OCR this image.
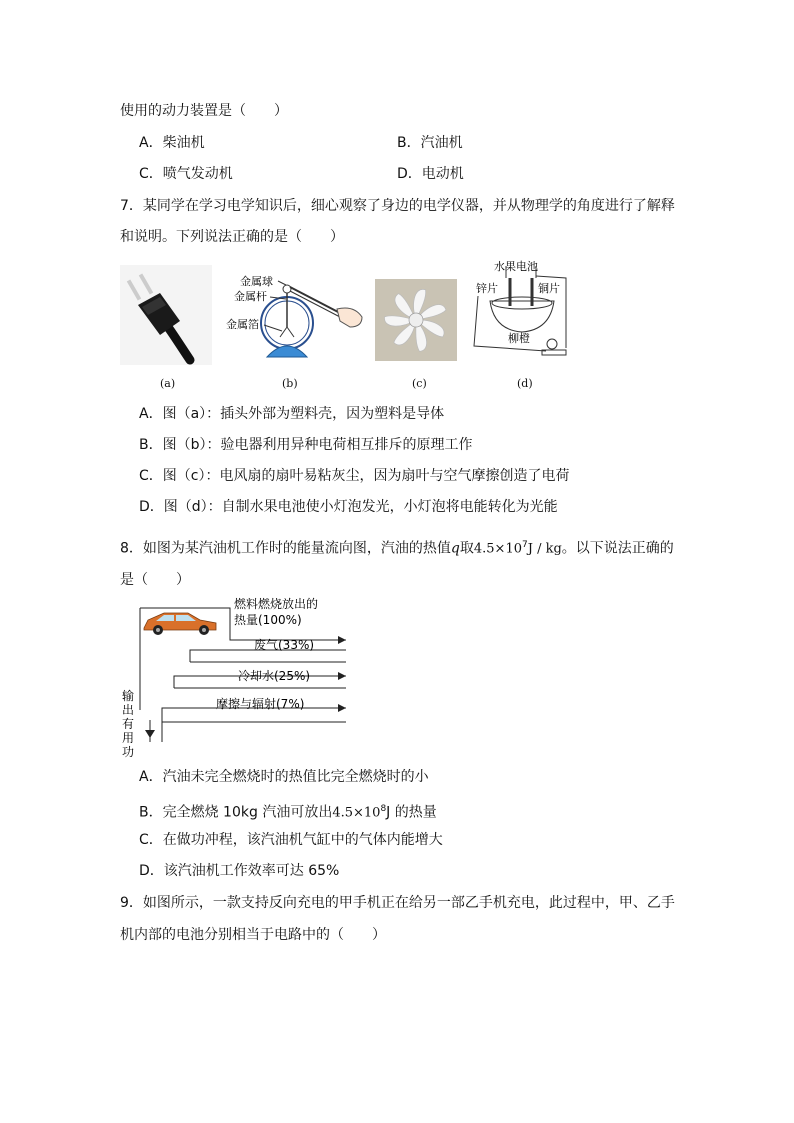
使用的动力装置是（　　）
A．柴油机	B．汽油机
C．喷气发动机	D．电动机
7．某同学在学习电学知识后，细心观察了身边的电学仪器，并从物理学的角度进行了解释
和说明。下列说法正确的是（　　）
金属球
金属杆
金属箔
水果电池
锌片	铜片
柳橙
(a)	(b)	(c)	(d)
A．图（a）：插头外部为塑料壳，因为塑料是导体
B．图（b）：验电器利用异种电荷相互排斥的原理工作
C．图（c）：电风扇的扇叶易粘灰尘，因为扇叶与空气摩擦创造了电荷
D．图（d）：自制水果电池使小灯泡发光，小灯泡将电能转化为光能
8．如图为某汽油机工作时的能量流向图，汽油的热值q取$4.5\times 10^7J$ / kg。以下说法正确的
是（　　）
燃料燃烧放出的
热量(100%)
废气(33%)
冷却水(25%)
摩擦与辐射(7%)
输
出
有
用
功
A．汽油未完全燃烧时的热值比完全燃烧时的小
B．完全燃烧 10kg 汽油可放出$4.5\times 10^8J$ 的热量
C．在做功冲程，该汽油机气缸中的气体内能增大
D．该汽油机工作效率可达 65%
9．如图所示，一款支持反向充电的甲手机正在给另一部乙手机充电，此过程中，甲、乙手
机内部的电池分别相当于电路中的（　　）
